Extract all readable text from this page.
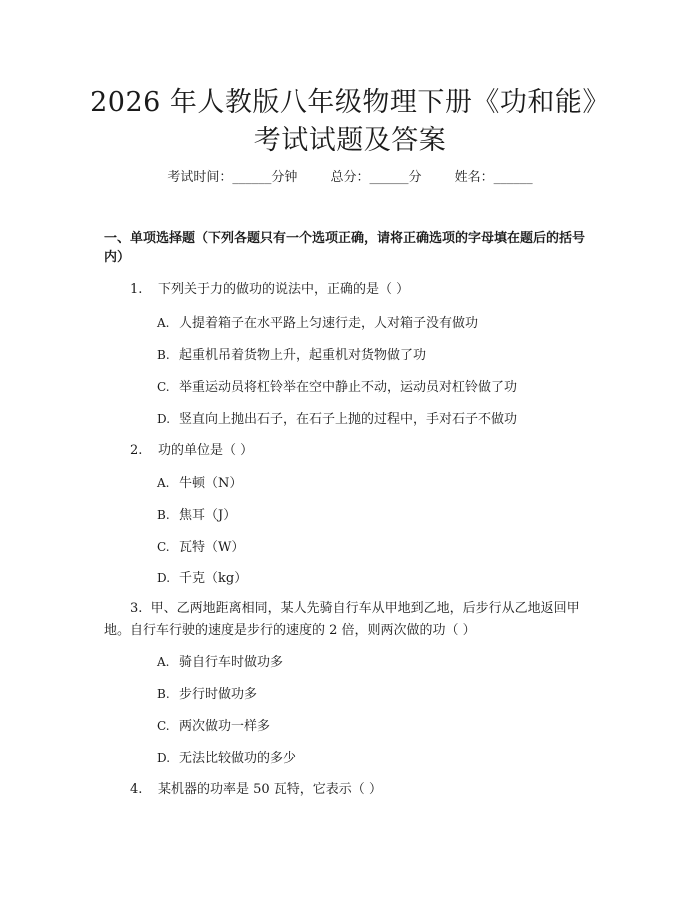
2026 年人教版八年级物理下册《功和能》考试试题及答案
考试时间：______分钟	总分：______分	姓名：______
一、单项选择题（下列各题只有一个选项正确，请将正确选项的字母填在题后的括号内）
1. 下列关于力的做功的说法中，正确的是（ ）
A. 人提着箱子在水平路上匀速行走，人对箱子没有做功
B. 起重机吊着货物上升，起重机对货物做了功
C. 举重运动员将杠铃举在空中静止不动，运动员对杠铃做了功
D. 竖直向上抛出石子，在石子上抛的过程中，手对石子不做功
2. 功的单位是（ ）
A. 牛顿（N）
B. 焦耳（J）
C. 瓦特（W）
D. 千克（kg）
3. 甲、乙两地距离相同，某人先骑自行车从甲地到乙地，后步行从乙地返回甲地。自行车行驶的速度是步行的速度的 2 倍，则两次做的功（ ）
A. 骑自行车时做功多
B. 步行时做功多
C. 两次做功一样多
D. 无法比较做功的多少
4. 某机器的功率是 50 瓦特，它表示（ ）
